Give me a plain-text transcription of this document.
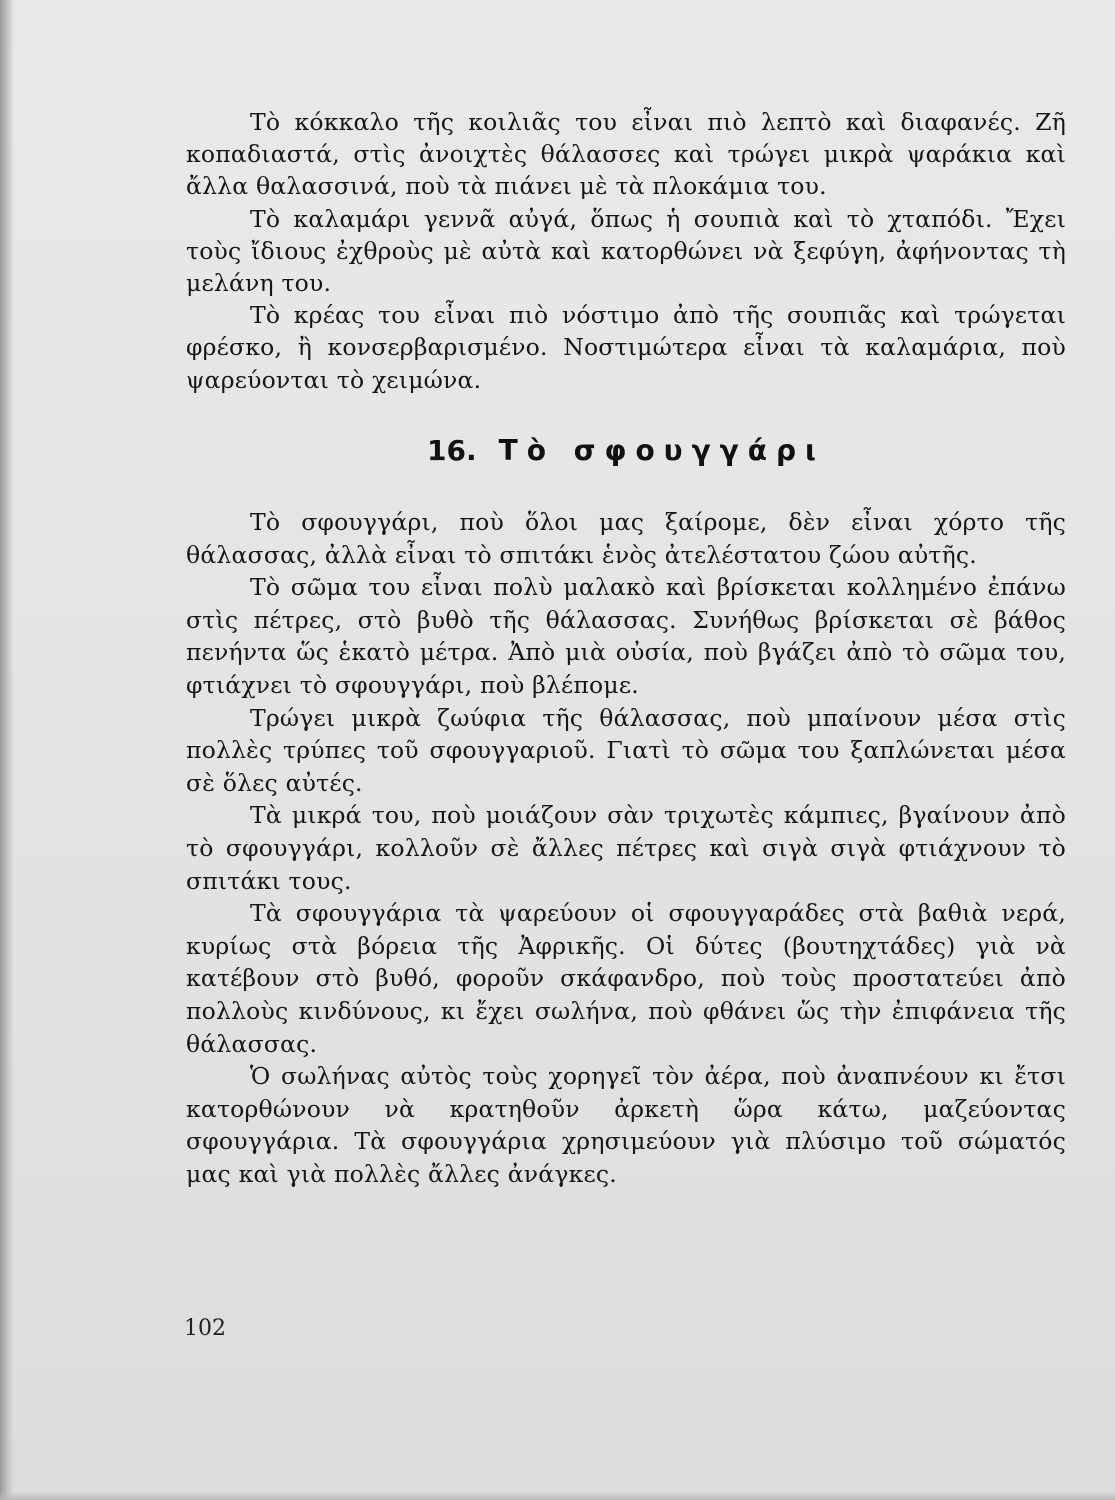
Τὸ κόκκαλο τῆς κοιλιᾶς του εἶναι πιὸ λεπτὸ καὶ διαφανές. Ζῆ κοπαδιαστά, στὶς ἀνοιχτὲς θάλασσες καὶ τρώγει μικρὰ ψαράκια καὶ ἄλλα θαλασσινά, ποὺ τὰ πιάνει μὲ τὰ πλοκάμια του.

Τὸ καλαμάρι γεννᾶ αὐγά, ὅπως ἡ σουπιὰ καὶ τὸ χταπόδι. Ἔχει τοὺς ἴδιους ἐχθροὺς μὲ αὐτὰ καὶ κατορθώνει νὰ ξεφύγη, ἀφήνοντας τὴ μελάνη του.

Τὸ κρέας του εἶναι πιὸ νόστιμο ἀπὸ τῆς σουπιᾶς καὶ τρώγεται φρέσκο, ἢ κονσερβαρισμένο. Νοστιμώτερα εἶναι τὰ καλαμάρια, ποὺ ψαρεύονται τὸ χειμώνα.

16. Τὸ σφουγγάρι

Τὸ σφουγγάρι, ποὺ ὅλοι μας ξαίρομε, δὲν εἶναι χόρτο τῆς θάλασσας, ἀλλὰ εἶναι τὸ σπιτάκι ἑνὸς ἀτελέστατου ζώου αὐτῆς.

Τὸ σῶμα του εἶναι πολὺ μαλακὸ καὶ βρίσκεται κολλημένο ἐπάνω στὶς πέτρες, στὸ βυθὸ τῆς θάλασσας. Συνήθως βρίσκεται σὲ βάθος πενήντα ὥς ἑκατὸ μέτρα. Ἀπὸ μιὰ οὐσία, ποὺ βγάζει ἀπὸ τὸ σῶμα του, φτιάχνει τὸ σφουγγάρι, ποὺ βλέπομε.

Τρώγει μικρὰ ζωύφια τῆς θάλασσας, ποὺ μπαίνουν μέσα στὶς πολλὲς τρύπες τοῦ σφουγγαριοῦ. Γιατὶ τὸ σῶμα του ξαπλώνεται μέσα σὲ ὅλες αὐτές.

Τὰ μικρά του, ποὺ μοιάζουν σὰν τριχωτὲς κάμπιες, βγαίνουν ἀπὸ τὸ σφουγγάρι, κολλοῦν σὲ ἄλλες πέτρες καὶ σιγὰ σιγὰ φτιάχνουν τὸ σπιτάκι τους.

Τὰ σφουγγάρια τὰ ψαρεύουν οἱ σφουγγαράδες στὰ βαθιὰ νερά, κυρίως στὰ βόρεια τῆς Ἀφρικῆς. Οἱ δύτες (βουτηχτάδες) γιὰ νὰ κατέβουν στὸ βυθό, φοροῦν σκάφανδρο, ποὺ τοὺς προστατεύει ἀπὸ πολλοὺς κινδύνους, κι ἔχει σωλήνα, ποὺ φθάνει ὥς τὴν ἐπιφάνεια τῆς θάλασσας.

Ὁ σωλήνας αὐτὸς τοὺς χορηγεῖ τὸν ἀέρα, ποὺ ἀναπνέουν κι ἔτσι κατορθώνουν νὰ κρατηθοῦν ἀρκετὴ ὥρα κάτω, μαζεύοντας σφουγγάρια. Τὰ σφουγγάρια χρησιμεύουν γιὰ πλύσιμο τοῦ σώματός μας καὶ γιὰ πολλὲς ἄλλες ἀνάγκες.

102
